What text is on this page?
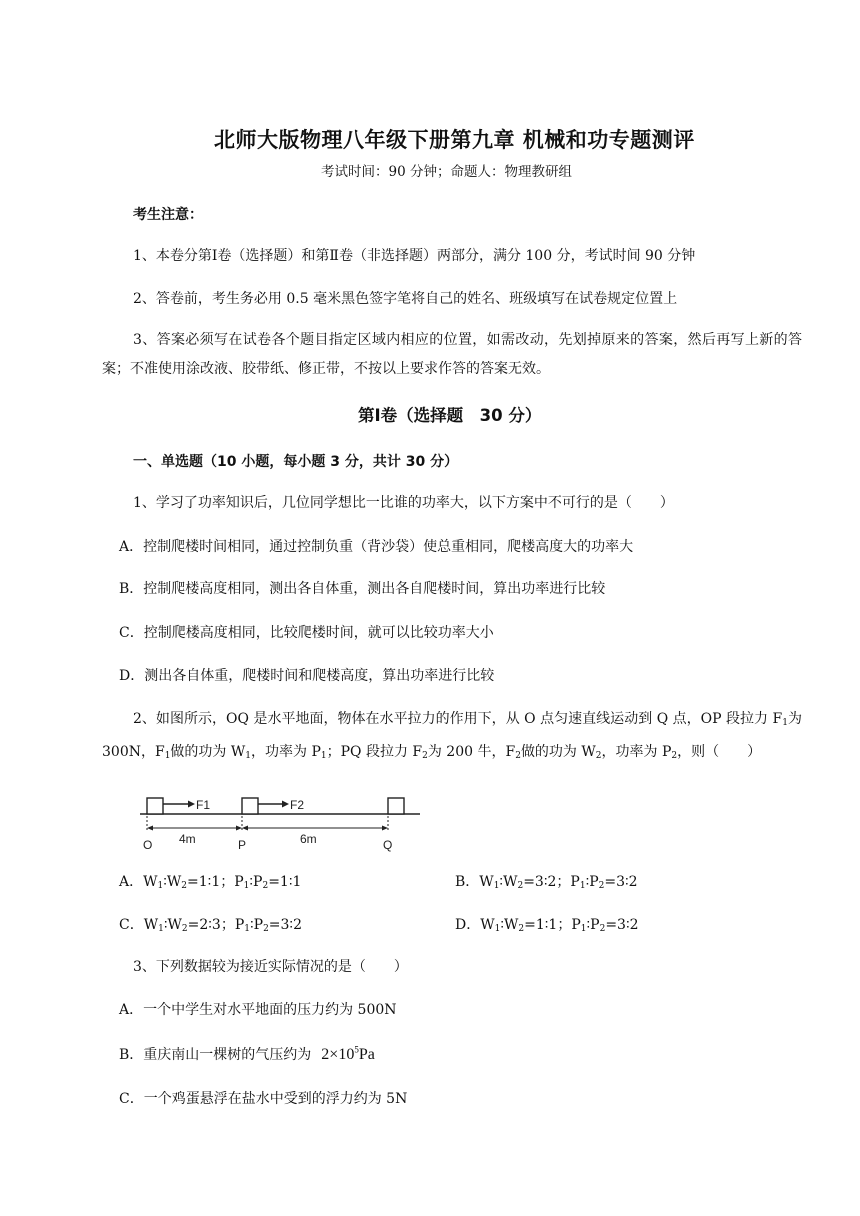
北师大版物理八年级下册第九章 机械和功专题测评
考试时间：90 分钟；命题人：物理教研组
考生注意：
1、本卷分第Ⅰ卷（选择题）和第Ⅱ卷（非选择题）两部分，满分 100 分，考试时间 90 分钟
2、答卷前，考生务必用 0.5 毫米黑色签字笔将自己的姓名、班级填写在试卷规定位置上
3、答案必须写在试卷各个题目指定区域内相应的位置，如需改动，先划掉原来的答案，然后再写上新的答案；不准使用涂改液、胶带纸、修正带，不按以上要求作答的答案无效。
第Ⅰ卷（选择题　30 分）
一、单选题（10 小题，每小题 3 分，共计 30 分）
1、学习了功率知识后，几位同学想比一比谁的功率大，以下方案中不可行的是（　　）
A．控制爬楼时间相同，通过控制负重（背沙袋）使总重相同，爬楼高度大的功率大
B．控制爬楼高度相同，测出各自体重，测出各自爬楼时间，算出功率进行比较
C．控制爬楼高度相同，比较爬楼时间，就可以比较功率大小
D．测出各自体重，爬楼时间和爬楼高度，算出功率进行比较
2、如图所示，OQ 是水平地面，物体在水平拉力的作用下，从 O 点匀速直线运动到 Q 点，OP 段拉力 $F_1$为 300N，$F_1$做的功为 $W_1$，功率为 $P_1$；PQ 段拉力 $F_2$为 200 牛，$F_2$做的功为 $W_2$，功率为 $P_2$，则（　　）
F1	F2
4m	6m
O	P	Q
A．$W_1∶W_2=1∶1$；$P_1∶P_2=1∶1$	B．$W_1∶W_2=3∶2$；$P_1∶P_2=3∶2$
C．$W_1∶W_2=2∶3$；$P_1∶P_2=3∶2$	D．$W_1∶W_2=1∶1$；$P_1∶P_2=3∶2$
3、下列数据较为接近实际情况的是（　　）
A．一个中学生对水平地面的压力约为 500N
B．重庆南山一棵树的气压约为 $2\times 10^5Pa$
C．一个鸡蛋悬浮在盐水中受到的浮力约为 5N
